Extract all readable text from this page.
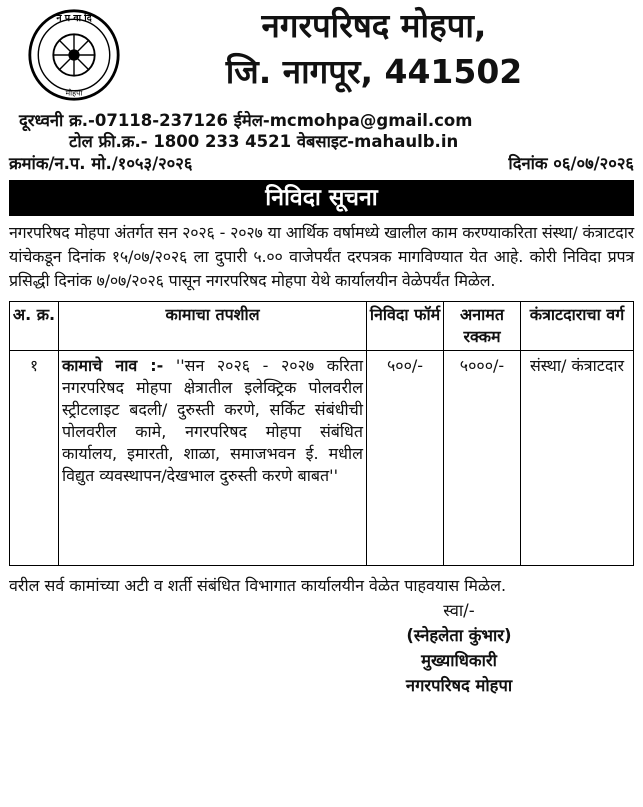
न प वा दि
मोहपा
नगरपरिषद मोहपा,
जि. नागपूर, 441502
दूरध्वनी क्र.-07118-237126 ईमेल-mcmohpa@gmail.com
टोल फ्री.क्र.- 1800 233 4521 वेबसाइट-mahaulb.in
क्रमांक/न.प. मो./१०५३/२०२६	दिनांक ०६/०७/२०२६
निविदा सूचना
नगरपरिषद मोहपा अंतर्गत सन २०२६ - २०२७ या आर्थिक वर्षामध्ये खालील काम करण्याकरिता संस्था/ कंत्राटदार यांचेकडून दिनांक १५/०७/२०२६ ला दुपारी ५.०० वाजेपर्यंत दरपत्रक मागविण्यात येत आहे. कोरी निविदा प्रपत्र प्रसिद्धी दिनांक ७/०७/२०२६ पासून नगरपरिषद मोहपा येथे कार्यालयीन वेळेपर्यंत मिळेल.
अ. क्र.	कामाचा तपशील	निविदा फॉर्म	अनामत रक्कम	कंत्राटदाराचा वर्ग
१	कामाचे नाव :- ''सन २०२६ - २०२७ करिता नगरपरिषद मोहपा क्षेत्रातील इलेक्ट्रिक पोलवरील स्ट्रीटलाइट बदली/ दुरुस्ती करणे, सर्किट संबंधीची पोलवरील कामे, नगरपरिषद मोहपा संबंधित कार्यालय, इमारती, शाळा, समाजभवन ई. मधील विद्युत व्यवस्थापन/देखभाल दुरुस्ती करणे बाबत''	५००/-	५०००/-	संस्था/ कंत्राटदार
वरील सर्व कामांच्या अटी व शर्ती संबंधित विभागात कार्यालयीन वेळेत पाहवयास मिळेल.
स्वा/-
(स्नेहलेता कुंभार)
मुख्याधिकारी
नगरपरिषद मोहपा
